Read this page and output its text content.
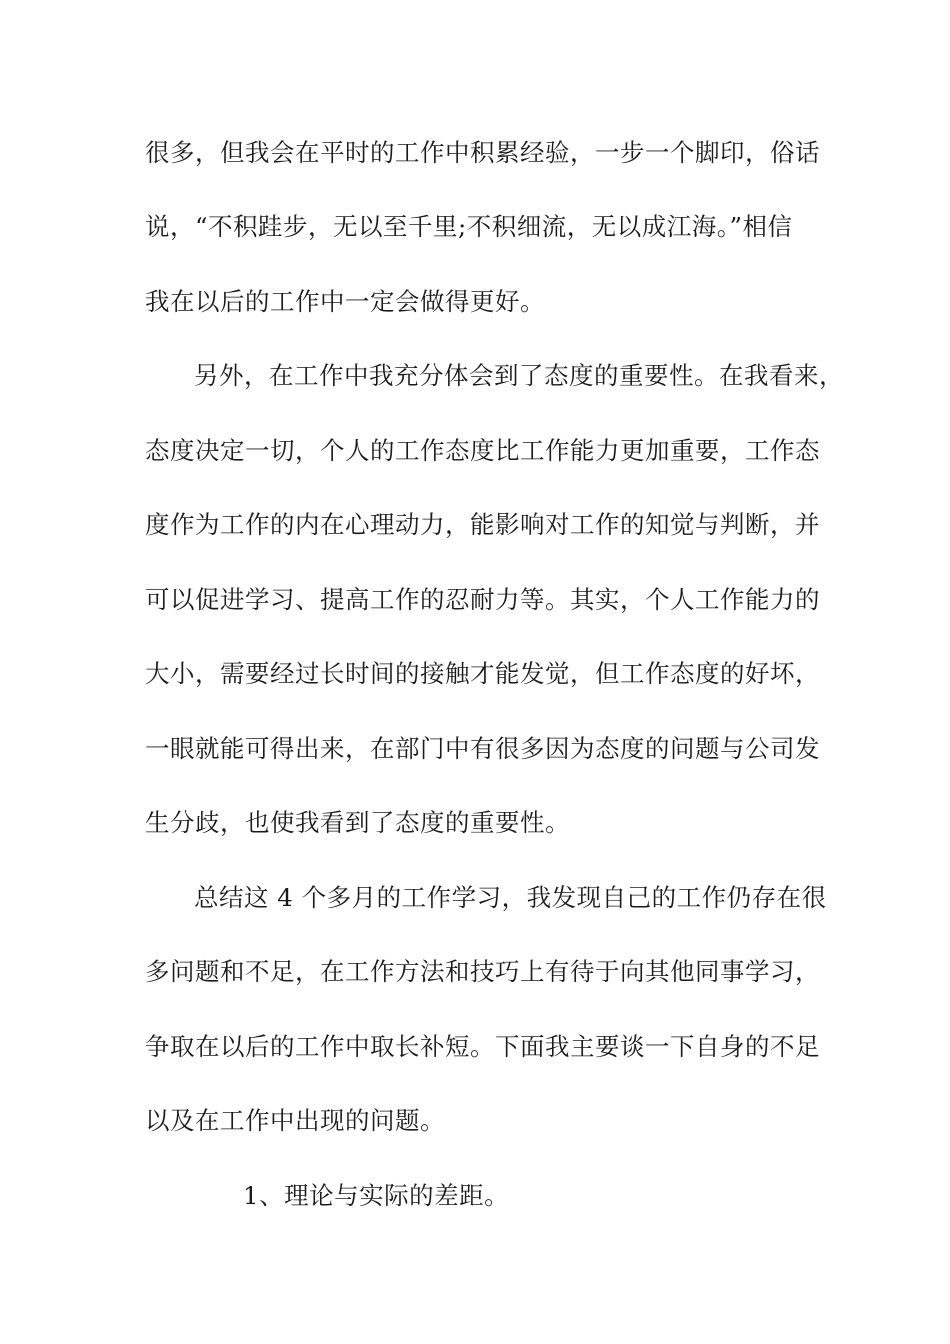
很多，但我会在平时的工作中积累经验，一步一个脚印，俗话
说，“不积跬步，无以至千里;不积细流，无以成江海。”相信
我在以后的工作中一定会做得更好。
另外，在工作中我充分体会到了态度的重要性。在我看来，
态度决定一切，个人的工作态度比工作能力更加重要，工作态
度作为工作的内在心理动力，能影响对工作的知觉与判断，并
可以促进学习、提高工作的忍耐力等。其实，个人工作能力的
大小，需要经过长时间的接触才能发觉，但工作态度的好坏，
一眼就能可得出来，在部门中有很多因为态度的问题与公司发
生分歧，也使我看到了态度的重要性。
总结这 4 个多月的工作学习，我发现自己的工作仍存在很
多问题和不足，在工作方法和技巧上有待于向其他同事学习，
争取在以后的工作中取长补短。下面我主要谈一下自身的不足
以及在工作中出现的问题。
1、理论与实际的差距。
